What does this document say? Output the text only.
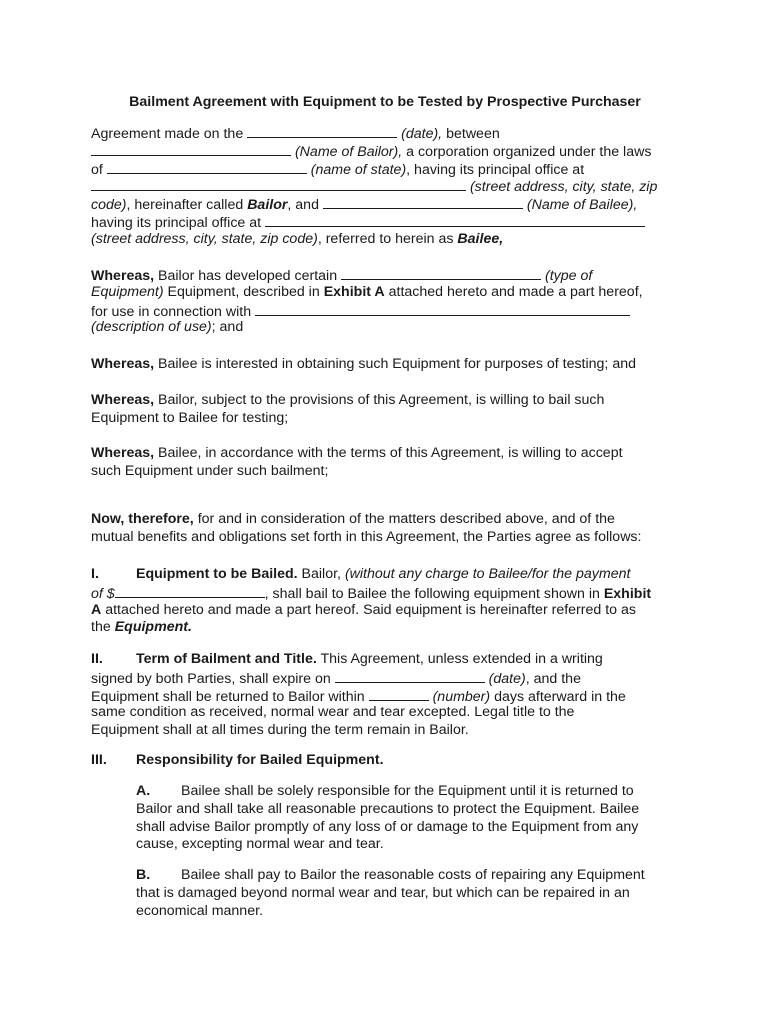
Bailment Agreement with Equipment to be Tested by Prospective Purchaser
Agreement made on the	(date), between
(Name of Bailor), a corporation organized under the laws
of	(name of state), having its principal office at
(street address, city, state, zip
code), hereinafter called Bailor, and	(Name of Bailee),
having its principal office at
(street address, city, state, zip code), referred to herein as Bailee,
Whereas, Bailor has developed certain	(type of
Equipment) Equipment, described in Exhibit A attached hereto and made a part hereof,
for use in connection with
(description of use); and
Whereas, Bailee is interested in obtaining such Equipment for purposes of testing; and
Whereas, Bailor, subject to the provisions of this Agreement, is willing to bail such
Equipment to Bailee for testing;
Whereas, Bailee, in accordance with the terms of this Agreement, is willing to accept
such Equipment under such bailment;
Now, therefore, for and in consideration of the matters described above, and of the
mutual benefits and obligations set forth in this Agreement, the Parties agree as follows:
I.	Equipment to be Bailed. Bailor, (without any charge to Bailee/for the payment
of $	, shall bail to Bailee the following equipment shown in Exhibit
A attached hereto and made a part hereof. Said equipment is hereinafter referred to as
the Equipment.
II. Term of Bailment and Title. This Agreement, unless extended in a writing
signed by both Parties, shall expire on	(date), and the
Equipment shall be returned to Bailor within	(number) days afterward in the
same condition as received, normal wear and tear excepted. Legal title to the
Equipment shall at all times during the term remain in Bailor.
III. Responsibility for Bailed Equipment.
A. Bailee shall be solely responsible for the Equipment until it is returned to
Bailor and shall take all reasonable precautions to protect the Equipment. Bailee
shall advise Bailor promptly of any loss of or damage to the Equipment from any
cause, excepting normal wear and tear.
B. Bailee shall pay to Bailor the reasonable costs of repairing any Equipment
that is damaged beyond normal wear and tear, but which can be repaired in an
economical manner.
